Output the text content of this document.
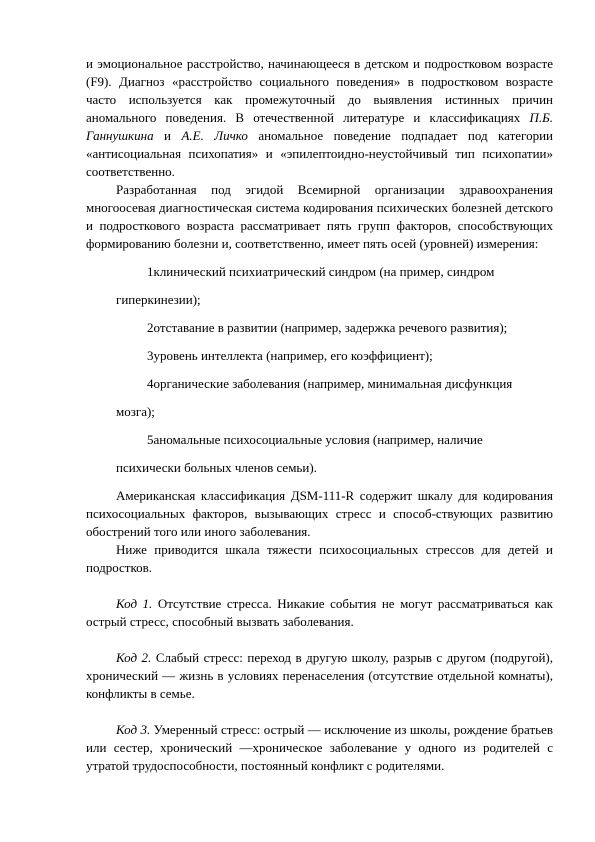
и эмоциональное расстройство, начинающееся в детском и подростковом возрасте (F9). Диагноз «расстройство социального поведения» в подростковом возрасте часто используется как промежуточный до выявления истинных причин аномального поведения. В отечественной литературе и классификациях П.Б. Ганнушкина и А.Е. Личко аномальное поведение подпадает под категории «антисоциальная психопатия» и «эпилептоидно-неустойчивый тип психопатии» соответственно.

Разработанная под эгидой Всемирной организации здравоохранения многоосевая диагностическая система кодирования психических болезней детского и подросткового возраста рассматривает пять групп факторов, способствующих формированию болезни и, соответственно, имеет пять осей (уровней) измерения:

1клинический психиатрический синдром (на пример, синдром
гиперкинезии);

2отставание в развитии (например, задержка речевого развития);

3уровень интеллекта (например, его коэффициент);

4органические заболевания (например, минимальная дисфункция
мозга);

5аномальные психосоциальные условия (например, наличие
психически больных членов семьи).

Американская классификация ДSM-111-R содержит шкалу для кодирования психосоциальных факторов, вызывающих стресс и способ-ствующих развитию обострений того или иного заболевания.

Ниже приводится шкала тяжести психосоциальных стрессов для детей и подростков.

Код 1. Отсутствие стресса. Никакие события не могут рассматриваться как острый стресс, способный вызвать заболевания.

Код 2. Слабый стресс: переход в другую школу, разрыв с другом (подругой), хронический — жизнь в условиях перенаселения (отсутствие отдельной комнаты), конфликты в семье.

Код 3. Умеренный стресс: острый — исключение из школы, рождение братьев или сестер, хронический —хроническое заболевание у одного из родителей с утратой трудоспособности, постоянный конфликт с родителями.
